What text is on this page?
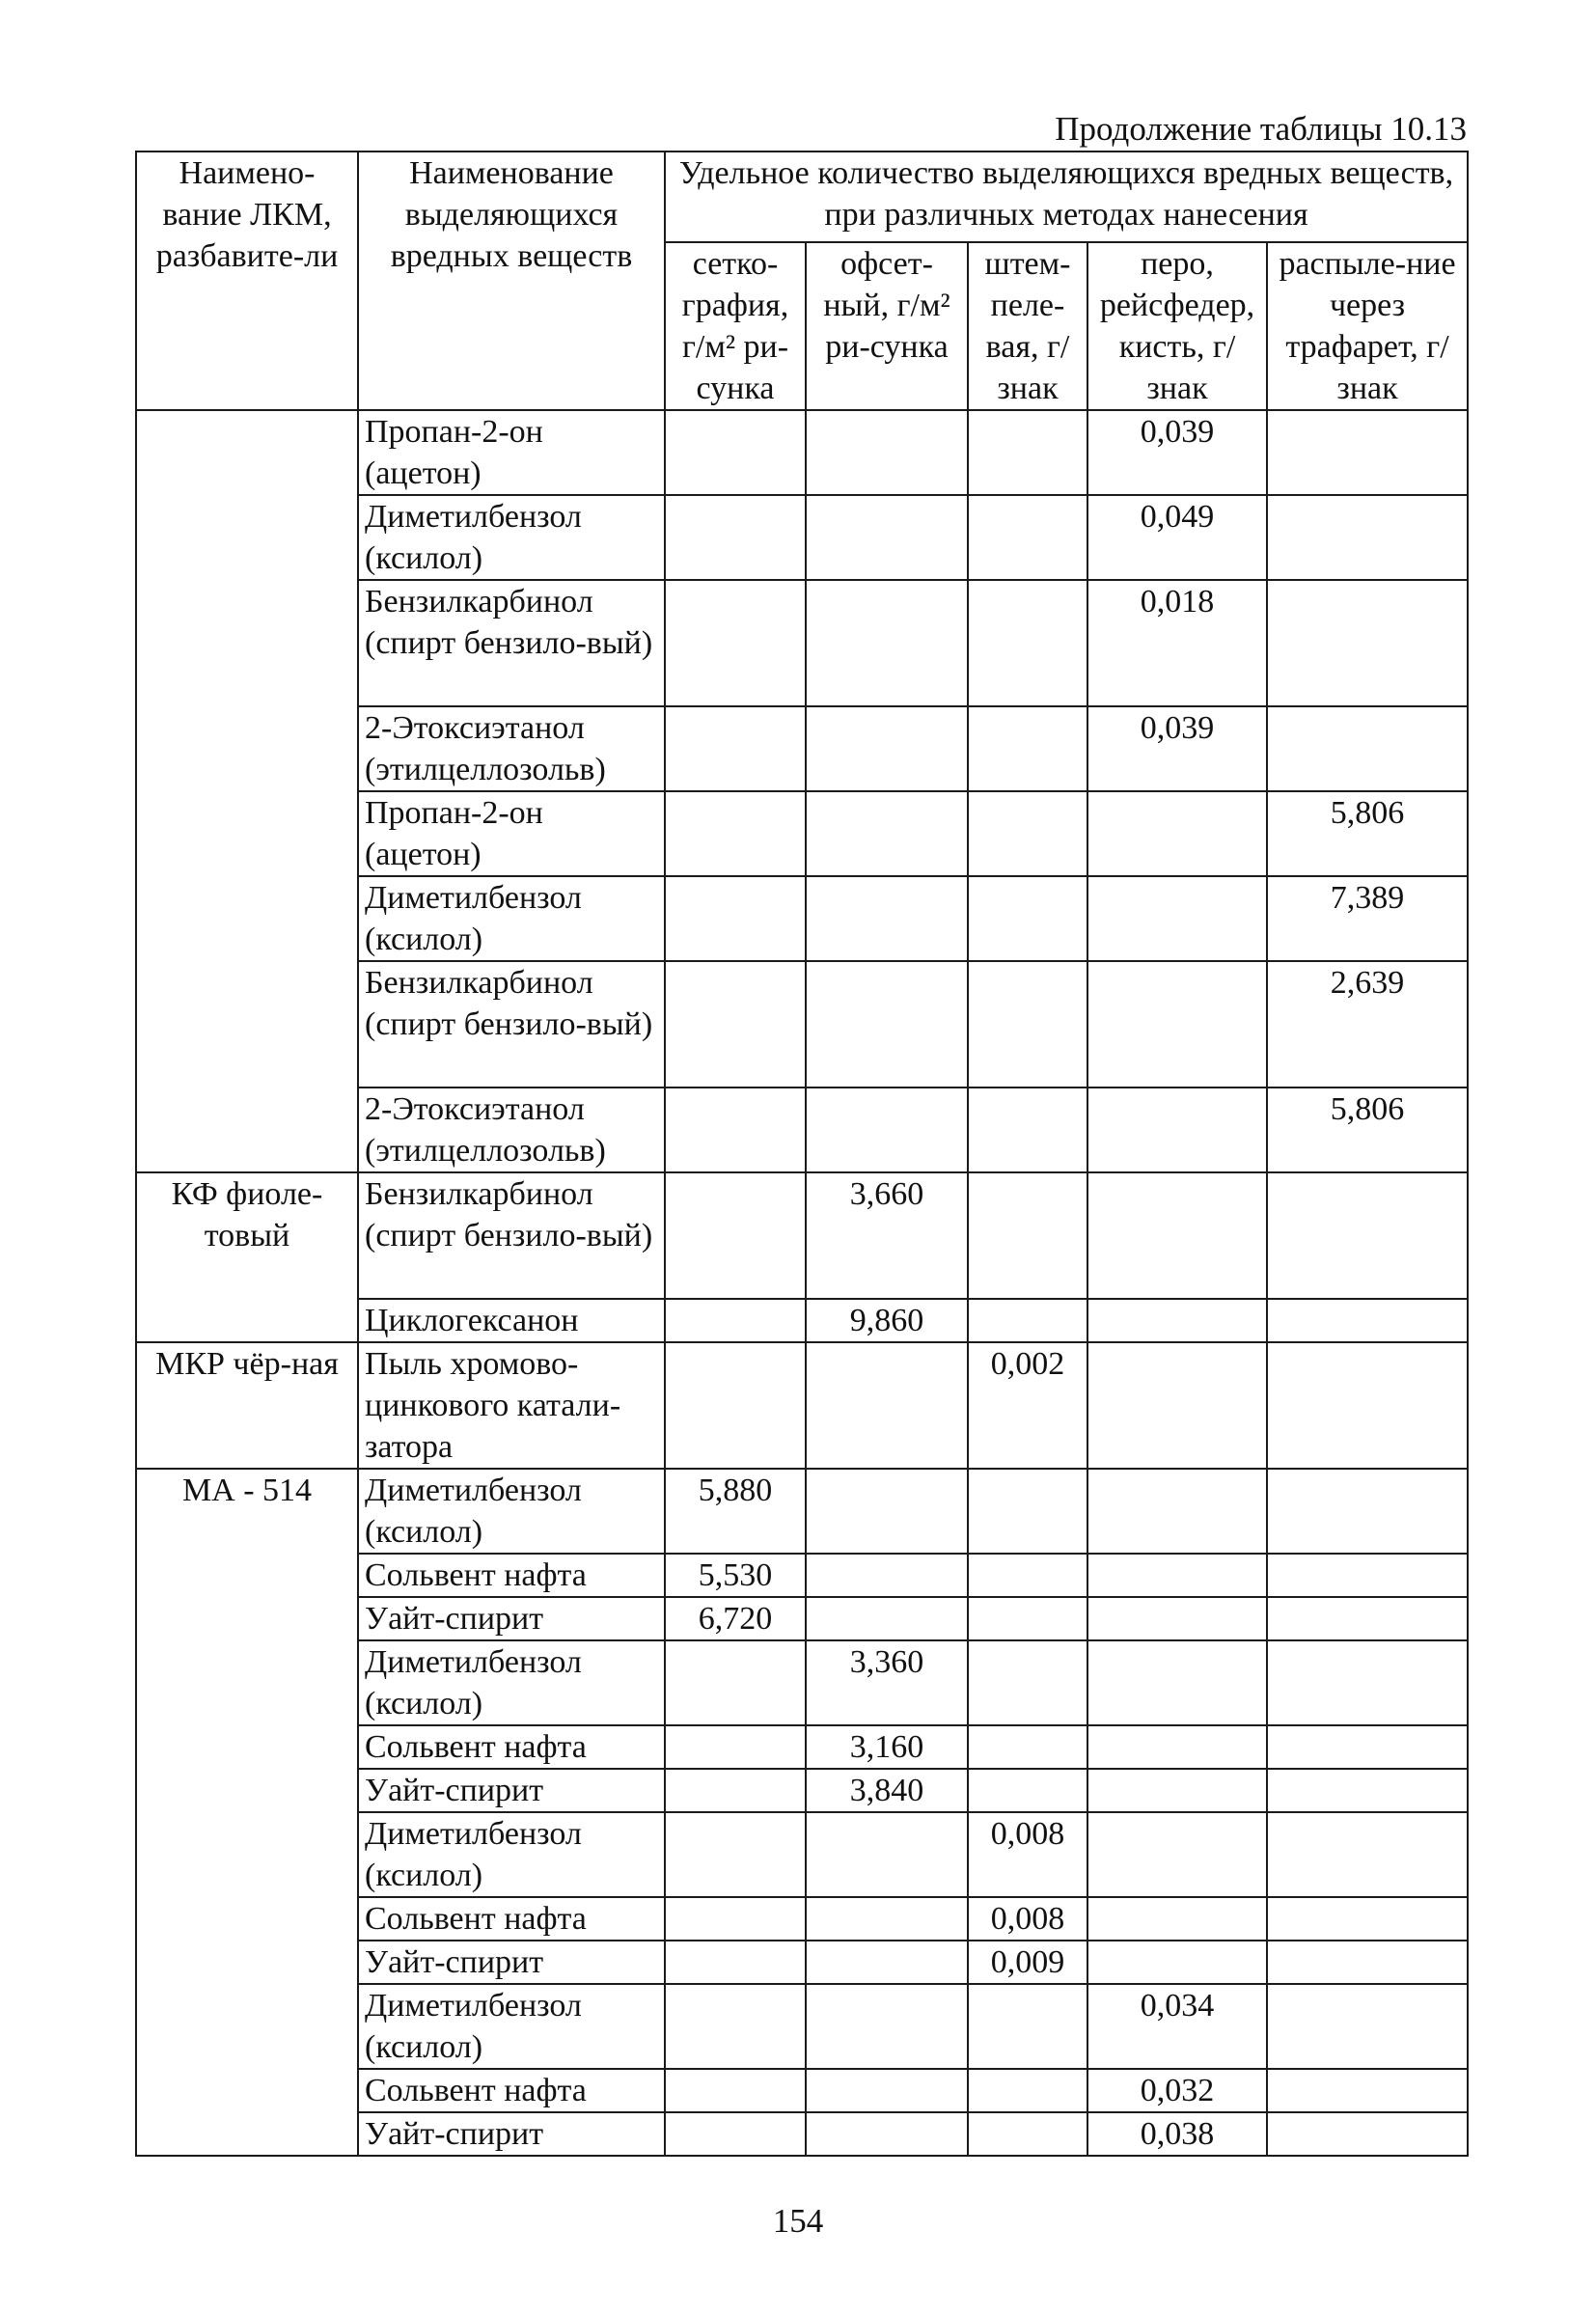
Продолжение таблицы 10.13
Наимено-вание ЛКМ, разбавите-ли	Наименование выделяющихся вредных веществ	Удельное количество выделяющихся вредных веществ, при различных методах нанесения				
		сетко-графия, г/м² ри-сунка	офсет-ный, г/м² ри-сунка	штем-пеле-вая, г/знак	перо, рейсфедер, кисть, г/знак	распыле-ние через трафарет, г/знак
	Пропан-2-он (ацетон)				0,039	
	Диметилбензол (ксилол)				0,049	
	Бензилкарбинол (спирт бензило-вый)				0,018	
	2-Этоксиэтанол (этилцеллозольв)				0,039	
	Пропан-2-он (ацетон)					5,806
	Диметилбензол (ксилол)					7,389
	Бензилкарбинол (спирт бензило-вый)					2,639
	2-Этоксиэтанол (этилцеллозольв)					5,806
КФ фиоле-товый	Бензилкарбинол (спирт бензило-вый)		3,660			
	Циклогексанон		9,860			
МКР чёр-ная	Пыль хромово-цинкового катали-затора			0,002		
МА - 514	Диметилбензол (ксилол)	5,880				
	Сольвент нафта	5,530				
	Уайт-спирит	6,720				
	Диметилбензол (ксилол)		3,360			
	Сольвент нафта		3,160			
	Уайт-спирит		3,840			
	Диметилбензол (ксилол)			0,008		
	Сольвент нафта			0,008		
	Уайт-спирит			0,009		
	Диметилбензол (ксилол)				0,034	
	Сольвент нафта				0,032	
	Уайт-спирит				0,038	
154
